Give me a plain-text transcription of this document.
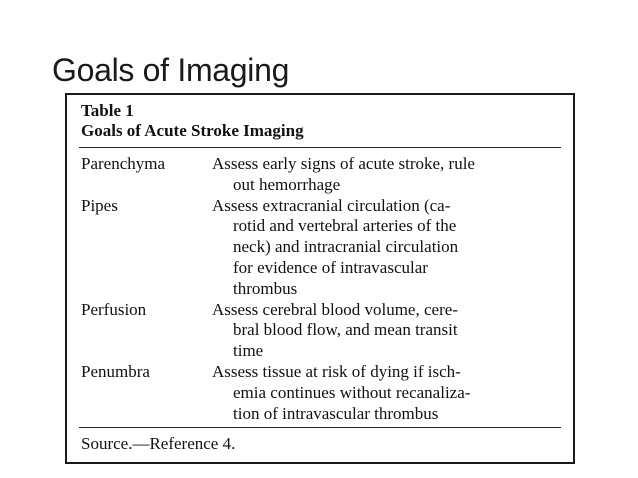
Goals of Imaging
Table 1
Goals of Acute Stroke Imaging
Parenchyma	Assess early signs of acute stroke, rule
out hemorrhage
Pipes	Assess extracranial circulation (ca-
rotid and vertebral arteries of the
neck) and intracranial circulation
for evidence of intravascular
thrombus
Perfusion	Assess cerebral blood volume, cere-
bral blood flow, and mean transit
time
Penumbra	Assess tissue at risk of dying if isch-
emia continues without recanaliza-
tion of intravascular thrombus

Source.—Reference 4.
